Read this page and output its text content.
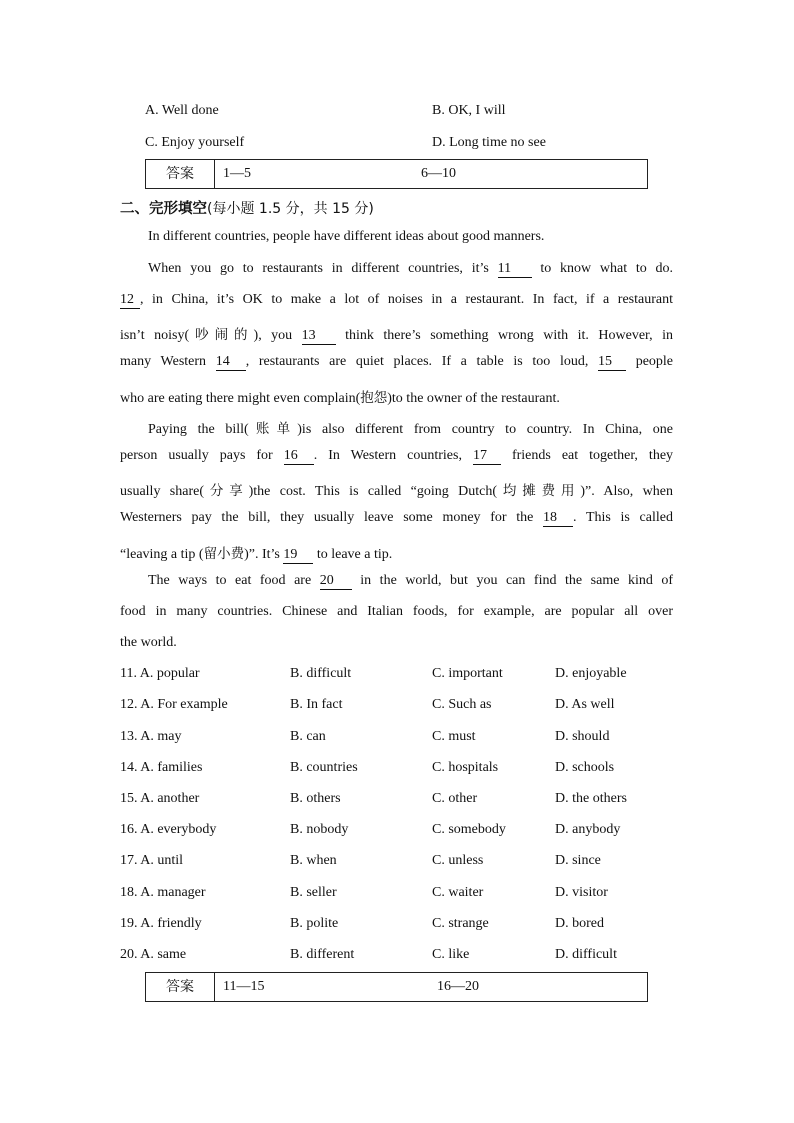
A. Well done	B. OK, I will
C. Enjoy yourself	D. Long time no see
答案	1—5	6—10
二、完形填空(每小题 1.5 分，共 15 分)
In different countries, people have different ideas about good manners.
When you go to restaurants in different countries, it’s 11 to know what to do.
12 , in China, it’s OK to make a lot of noises in a restaurant. In fact, if a restaurant
isn’t noisy(吵闹的), you 13 think there’s something wrong with it. However, in
many Western 14 , restaurants are quiet places. If a table is too loud, 15 people
who are eating there might even complain(抱怨)to the owner of the restaurant.
Paying the bill(账单)is also different from country to country. In China, one
person usually pays for 16 . In Western countries, 17 friends eat together, they
usually share(分享)the cost. This is called “going Dutch(均摊费用)”. Also, when
Westerners pay the bill, they usually leave some money for the 18 . This is called
“leaving a tip (留小费)”. It’s 19 to leave a tip.
The ways to eat food are 20 in the world, but you can find the same kind of
food in many countries. Chinese and Italian foods, for example, are popular all over
the world.
11. A. popular	B. difficult	C. important	D. enjoyable
12. A. For example	B. In fact	C. Such as	D. As well
13. A. may	B. can	C. must	D. should
14. A. families	B. countries	C. hospitals	D. schools
15. A. another	B. others	C. other	D. the others
16. A. everybody	B. nobody	C. somebody	D. anybody
17. A. until	B. when	C. unless	D. since
18. A. manager	B. seller	C. waiter	D. visitor
19. A. friendly	B. polite	C. strange	D. bored
20. A. same	B. different	C. like	D. difficult
答案	11—15	16—20
